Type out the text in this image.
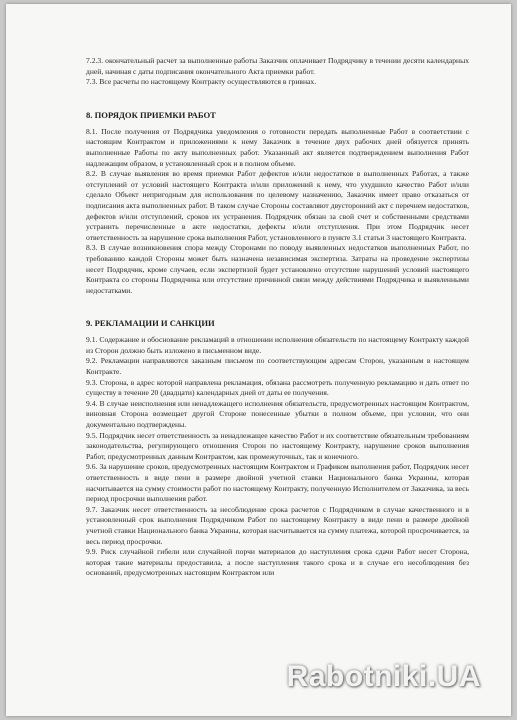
7.2.3. окончательный расчет за выполненные работы Заказчик оплачивает Подрядчику в течении десяти календарных дней, начиная с даты подписания окончательного Акта приемки работ.

7.3. Все расчеты по настоящему Контракту осуществляются в гривнах.

8. ПОРЯДОК ПРИЕМКИ РАБОТ

8.1. После получения от Подрядчика уведомления о готовности передать выполненные Работ в соответствии с настоящим Контрактом и приложениями к нему Заказчик в течение двух рабочих дней обязуется принять выполненные Работы по акту выполненных работ. Указанный акт является подтверждением выполнения Работ надлежащим образом, в установленный срок и в полном объеме.

8.2. В случае выявления во время приемки Работ дефектов и/или недостатков в выполненных Работах, а также отступлений от условий настоящего Контракта и/или приложений к нему, что ухудшило качество Работ и/или сделало Объект непригодным для использования по целевому назначению, Заказчик имеет право отказаться от подписания акта выполненных работ. В таком случае Стороны составляют двусторонний акт с перечнем недостатков, дефектов и/или отступлений, сроков их устранения. Подрядчик обязан за свой счет и собственными средствами устранить перечисленные в акте недостатки, дефекты и/или отступления. При этом Подрядчик несет ответственность за нарушение срока выполнения Работ, установленного в пункте 3.1 статьи 3 настоящего Контракта.

8.3. В случае возникновения спора между Сторонами по поводу выявленных недостатков выполненных Работ, по требованию каждой Стороны может быть назначена независимая экспертиза. Затраты на проведение экспертизы несет Подрядчик, кроме случаев, если экспертизой будет установлено отсутствие нарушений условий настоящего Контракта со стороны Подрядчика или отсутствие причинной связи между действиями Подрядчика и выявленными недостатками.

9. РЕКЛАМАЦИИ И САНКЦИИ

9.1. Содержание и обоснование рекламаций в отношении исполнения обязательств по настоящему Контракту каждой из Сторон должно быть изложено в письменном виде.

9.2. Рекламации направляются заказным письмом по соответствующим адресам Сторон, указанным в настоящем Контракте.

9.3. Сторона, в адрес которой направлена рекламация, обязана рассмотреть полученную рекламацию и дать ответ по существу в течение 20 (двадцати) календарных дней от даты ее получения.

9.4. В случае неисполнения или ненадлежащего исполнения обязательств, предусмотренных настоящим Контрактом, виновная Сторона возмещает другой Стороне понесенные убытки в полном объеме, при условии, что они документально подтверждены.

9.5. Подрядчик несет ответственность за ненадлежащее качество Работ и их соответствие обязательным требованиям законодательства, регулирующего отношения Сторон по настоящему Контракту, нарушение сроков выполнения Работ, предусмотренных данным Контрактом, как промежуточных, так и конечного.

9.6. За нарушение сроков, предусмотренных настоящим Контрактом и Графиком выполнения работ, Подрядчик несет ответственность в виде пени в размере двойной учетной ставки Национального банка Украины, которая насчитывается на сумму стоимости работ по настоящему Контракту, полученную Исполнителем от Заказчика, за весь период просрочки выполнения работ.

9.7. Заказчик несет ответственность за несоблюдение срока расчетов с Подрядчиком в случае качественного и в установленный срок выполнения Подрядчиком Работ по настоящему Контракту в виде пени в размере двойной учетной ставки Национального банка Украины, которая насчитывается на сумму платежа, которой просрочивается, за весь период просрочки.

9.9. Риск случайной гибели или случайной порчи материалов до наступления срока сдачи Работ несет Сторона, которая такие материалы предоставила, а после наступления такого срока и в случае его несоблюдения без оснований, предусмотренных настоящим Контрактом или

Rabotniki.UA
